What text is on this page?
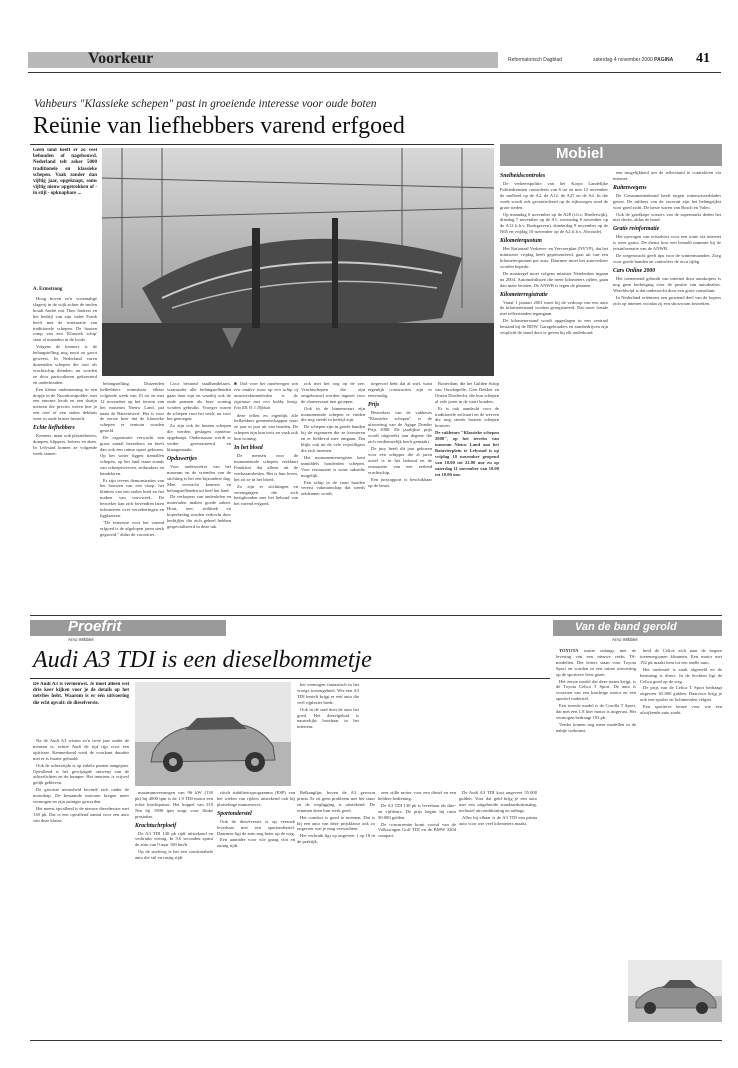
Voorkeur	Reformatorisch Dagblad	zaterdag 4 november 2000 PAGINA 41
Vahbeurs "Klassieke schepen" past in groeiende interesse voor oude boten
Reünie van liefhebbers varend erfgoed
Geen land heeft er zo veel behouden of nagebouwd. Nederland telt zeker 5000 traditionele en klassieke schepen. Vaak zonder dan vijftig jaar, opgeknapt, soms vijftig nieuw opgetrokken of - in stijl - opknapbare ...
A. Ermstrong

Hoog boven zo'n voormalige slagerij in de wijk achter de molen houdt André wat Theo Jonkers en het bedrijf van zijn vader Frank heeft met de restauratie van traditionele schepen. De houten romp van een 'Klassiek schip' staat al maanden in de loods.

Volgens de kenners is de belangstelling nog nooit zo groot geweest. In Nederland varen duizenden schepen die ooit als vrachtschip dienden; nu worden ze door particulieren gekoesterd en onderhouden.

Een kleine onderneming in een dorpje in de Noordoostpolder, met een enorme loods en een dozijn mensen die precies weten hoe je een roef of een stalen dekhuis weer in oude luister herstelt.

Echte liefhebbers

Kenners, maar ook plezierboters, dompen, klippers, botters en aken. In Lelystad komen ze volgende week samen.

belangstelling. Duizenden liefhebbers onmisbaar elkaar volgende week van 10 tot en met 12 november op het terrein van het museum Nieuw Land, pal naast de Bataviawerf. Het is voor de eerste keer dat de klassieke schepen er tentoon worden gesteld.

De organisatie verwacht een groot aantal bezoekers en heeft dan ook een ruime opzet gekozen. Op het water liggen tientallen schepen, op het land staan stands van scheepswerven, zeilmakers en handelaren.

Er zijn tevens demonstraties van het bouwen van een sloep, het klinken van een stalen huid en het maken van touwwerk. De bezoeker kan zich bovendien laten informeren over verzekeringen en ligplaatsen.

"De interesse voor het varend erfgoed is de afgelopen jaren sterk gegroeid," aldus de voorzitter.

Coca bestond staalhandelaars, waaronder alle belangstellenden gaan daar zijn en waarbij ook de oude pramen als luxe woning worden gebruikt. Vroeger waren de schepen voor het werk; nu voor het genoegen.

Zo zijn ook de houten schepen die werden geslagen opnieuw opgeknapt. Ondertussen wordt er verder gerestaureerd en klaargemaakt.

Opduwertjes

Voor onderzoeker van het museum en de vrienden van de stichting is het een bijzondere dag. Men verwacht kenners en belangstellenden uit heel het land.

De verkopers van onderdelen en materialen maken goede zaken. Hout, teer, zeildoek en koperbeslag worden verkocht door bedrijfjes die zich geheel hebben gespecialiseerd in deze tak.

■ Ook voor het aanbrengen van een andere touw op een schip of mastwerkzaamheden is de eigenaar met een hobby bezig. Foto RD, H. J. Dijkhuis

deze tellen en eigenlijk alle liefhebbers gemeenschappen waar ze jaar in jaar uit van houden. De schepen zijn hun trots en vaak ook hun woning.

In het bloed

De mensen voor de monumentale schepen verklaart Frankfort dat alleen uit de werkzaamheden. Het is hun leven, het zit ze in het bloed.

Zo zijn er stichtingen en verenigingen die zich bezighouden met het behoud van het varend erfgoed.

ook met het oog op de zee. Vrachtschepen die zijn omgebouwd worden ingezet voor de chartervaart met groepen.

Ook in de binnenvaart zijn monumentale schepen te vinden die nog steeds in bedrijf zijn.

De schepen zijn in goede handen bij de eigenaren die ze koesteren en er liefdevol mee omgaan. Dat blijkt ook uit de vele vrijwilligers die zich inzetten.

Het monumentenregister kent inmiddels honderden schepen. Voor restauratie is soms subsidie mogelijk.

Een schip in de vaart houden vereist vakmanschap dat steeds zeldzamer wordt.

tiegevoel hebt dat al snel, want eigenlijk constructies zijn er eenvoudig.

Prijs

Bezoekers van de vakbeurs "Klassieke schepen" is de uitvoering van de Agape Donder Prijs 2000. De jaarlijkse prijs wordt uitgereikt aan degene die zich verdienstelijk heeft gemaakt.

De jury heeft dit jaar gekozen voor een schipper die al jaren actief is in het behoud en de restauratie van een zeilend vrachtschip.

Een juryrapport is beschikbaar op de beurs.

Rotterdam, die het Gulden Schip van Ouwkapelle, Gan Dekker en Onzen Dordrecht, die hun schepen al vele jaren in de vaart houden.

Er is ook aandacht voor de traditionele zeilvaart en de werven die nog steeds houten schepen bouwen.

De vakbeurs "Klassieke schepen 2000", op het terrein van museum Nieuw Land aan het Batavierplein te Lelystad is op vrijdag 10 november geopend van 10.00 tot 22.00 uur en op zaterdag 11 november van 10.00 tot 18.00 uur.

Mobiel
Snelheidscontroles

De verkeerspolitie van het Korps Landelijke Politiediensten controleert van 6 tot en met 12 november de snelheid op de A2, de A12, de A27 en de A4. In die week wordt ook gecontroleerd op de rijkswegen rond de grote steden.

Op maandag 6 november op de A28 (t.h.v. Harderwijk), dinsdag 7 november op de A1, woensdag 8 november op de A12 (t.h.v. Bodegraven), donderdag 9 november op de N65 en vrijdag 10 november op de A2 (t.h.v. Abcoude).

Kilometerquotum

Het Nationaal Verkeers- en Vervoerplan (NVVP), dat het ministerie vrijdag heeft gepresenteerd, gaat uit van een kilometerquotum per auto. Daarmee moet het autoverkeer worden beperkt.

De maatregel moet volgens minister Netelenbos ingaan na 2004. Automobilisten die meer kilometers rijden, gaan dan meer betalen. De ANWB is tegen de plannen.

Kilometerregistratie

Vanaf 1 januari 2001 moet bij de verkoop van een auto de kilometerstand worden geregistreerd. Dat moet fraude met tellerstanden tegengaan.

De kilometerstand wordt opgeslagen in een centraal bestand bij de RDW. Garagehouders en autobedrijven zijn verplicht de stand door te geven bij elk onderhoud.

een mogelijkheid om de tellerstand te controleren via internet.

Ruitenwegens

De Consumentenbond heeft negen ruitenwisserblades getest. De rubbers van de voorruit zijn het belangrijkst voor goed zicht. De beste waren van Bosch en Valeo.

Ook de goedkope wissers van de supermarkt deden het niet slecht, aldus de bond.

Gratis reinformatie

Het opvragen van reisadvies voor een route via internet is weer gratis. De dienst kost een betaald nummer bij de reisinformatie van de ANWB.

De wegenwacht geeft tips voor de wintermaanden. Zorg voor goede banden en controleer de accu tijdig.

Cars Online 2000

Het toenemend gebruik van internet door autokopers is nog geen bedreiging voor de positie van autodealers. Wereldwijd is dat onderzocht door een grote consultant.

In Nederland oriënteert een groeiend deel van de kopers zich op internet voordat zij een showroom bezoeken.

Proefrit
Arno Wibblel
Audi A3 TDI is een dieselbommetje
De Audi A3 is vernieuwd. Je moet alleen wel drie keer kijken voor je de details op het netvlies hebt. Waarom is er één uitvoering die echt opvalt: de dieselversie.

Na de Audi A3 wisten zo'n twee jaar onder de mensen is, achtte Audi de tijd rijp voor een opfrisser. Kenmerkend werd de voorkant duurder met er is fraaier gehaald.

Ook de achterzijde is op enkele punten aangepast. Opvallend is het gewijzigde ontwerp van de achterlichten en de bumper. Het interieur is vrijwel gelijk gebleven.

De grootste nieuwheid bevindt zich onder de motorkap. De bestaande motoren kregen meer vermogen en zijn zuiniger geworden.

Het meest opvallend is de nieuwe dieselmotor met 130 pk. Dat is een opvallend aantal voor een auto van deze klasse.

maximumvermogen van 96 kW (130 pk) bij 4000 tpm is de 1.9 TDI-motor een echte krachtpatser. Het koppel van 310 Nm bij 1900 tpm zorgt voor flinke prestaties.

Krachtuchrploeif

De A3 TDI 130 pk rijdt uitstekend en verbruikt weinig. In 9,6 seconden sprint de auto van 0 naar 100 km/h.

Op de snelweg is het een comfortabele auto die stil en rustig rijdt.

ritsch stabiliteitsprogramma (ESP) van het wielen van rijders uitstekend ook bij plotselinge manoeuvres.

Sportonderstel

Ook de dieselversie is op verzoek leverbaar met een sportonderstel. Daarmee ligt de auto nog beter op de weg.

Een aanrader voor wie graag vlot en zuinig rijdt.

het vermogen fantastisch in het vroege toerengebied. Wie een A3 TDI bestelt krijgt er een auto die veel rijplezier biedt.

Ook in de stad doet de auto het goed. Het dieselgeluid is nauwelijks hoorbaar in het interieur.

Belkanglijn, boven de A3 gewoon prima. Er zit geen probleem met het stuur en de wegligging is uitstekend. De remmen doen hun werk goed.

Het comfort is goed te noemen. Dat is bij een auto van deze prijsklasse ook zo ongeveer wat je mag verwachten.

Het verbruik ligt op ongeveer 1 op 18 in de praktijk.

zeer stille motor voor een diesel en een heldere bediening.

De A3 TDI 130 pk is leverbaar als drie- en vijfdeurs. De prijs begint bij ruim 50.000 gulden.

De concurrentie komt vooral van de Volkswagen Golf TDI en de BMW 320d compact.

De Audi A3 TDI kost ongeveer 55.000 gulden. Voor dat geld krijg je een auto met een uitgebreide standaarduitrusting, inclusief airconditioning en airbags.

Alles bij elkaar is de A3 TDI een prima auto voor wie veel kilometers maakt.

Van de band gerold
Arno Wibblel

TOYOTA startte onlangs met de levering van een nieuwe reeks TS-modellen. Die letters staan voor Toyota Sport en worden in een ruime uitvoering op de sportieve leest gezet.

Het eerste model dat deze naam krijgt, is de Toyota Celica T Sport. De auto is voorzien van een krachtige motor en een sportief onderstel.

Een tweede model is de Corolla T Sport, dat met een 1.8 liter motor is uitgerust. Het vermogen bedraagt 192 pk.

Verder komen nog meer modellen in de nabije toekomst.

heid de Celica zich naar de hogere toerenregionen klimmen. Een motor met 192 pk maakt hem tot een snelle auto.

Het onderstel is strak afgesteld en de besturing is direct. In de bochten ligt de Celica goed op de weg.

De prijs van de Celica T Sport bedraagt ongeveer 65.000 gulden. Daarvoor krijg je ook een spoiler en lichtmetalen velgen.

Een sportieve keuze voor wie een afwijkende auto zoekt.
